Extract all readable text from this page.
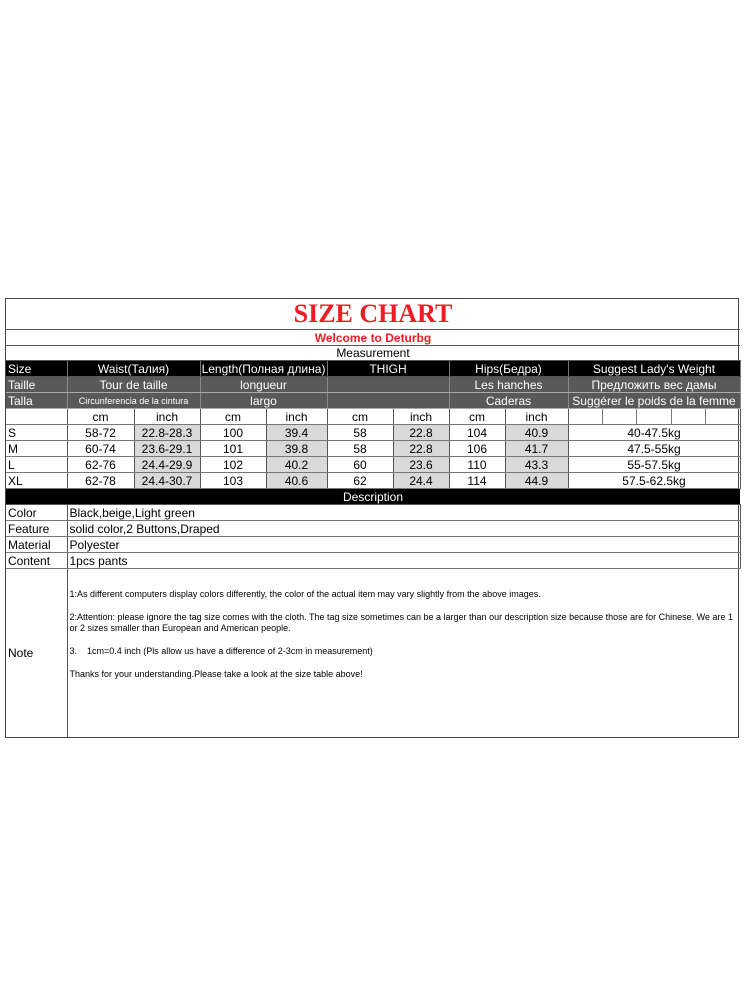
SIZE CHART									
Welcome to Deturbg									
Measurement									
Size	Waist(Талия)		Length(Полная длина)		THIGH		Hips(Бедра)		Suggest Lady's Weight
Taille	Tour de taille		longueur				Les hanches		Предложить вес дамы
Talla	Circunferencia de la cintura		largo				Caderas		Suggérer le poids de la femme
	cm	inch	cm	inch	cm	inch	cm	inch	

S	58-72	22.8-28.3	100	39.4	58	22.8	104	40.9	40-47.5kg
M	60-74	23.6-29.1	101	39.8	58	22.8	106	41.7	47.5-55kg
L	62-76	24.4-29.9	102	40.2	60	23.6	110	43.3	55-57.5kg
XL	62-78	24.4-30.7	103	40.6	62	24.4	114	44.9	57.5-62.5kg
Description									
Color	Black,beige,Light green								
Feature	solid color,2 Buttons,Draped								
Material	Polyester								
Content	1pcs pants								
Note	1:As different computers display colors differently, the color of the actual item may vary slightly from the above images.

2:Attention: please ignore the tag size comes with the cloth. The tag size sometimes can be a larger than our description size because those are for Chinese. We are 1 or 2 sizes smaller than European and American people.

3.    1cm=0.4 inch (Pls allow us have a difference of 2-3cm in measurement)

Thanks for your understanding.Please take a look at the size table above!								
